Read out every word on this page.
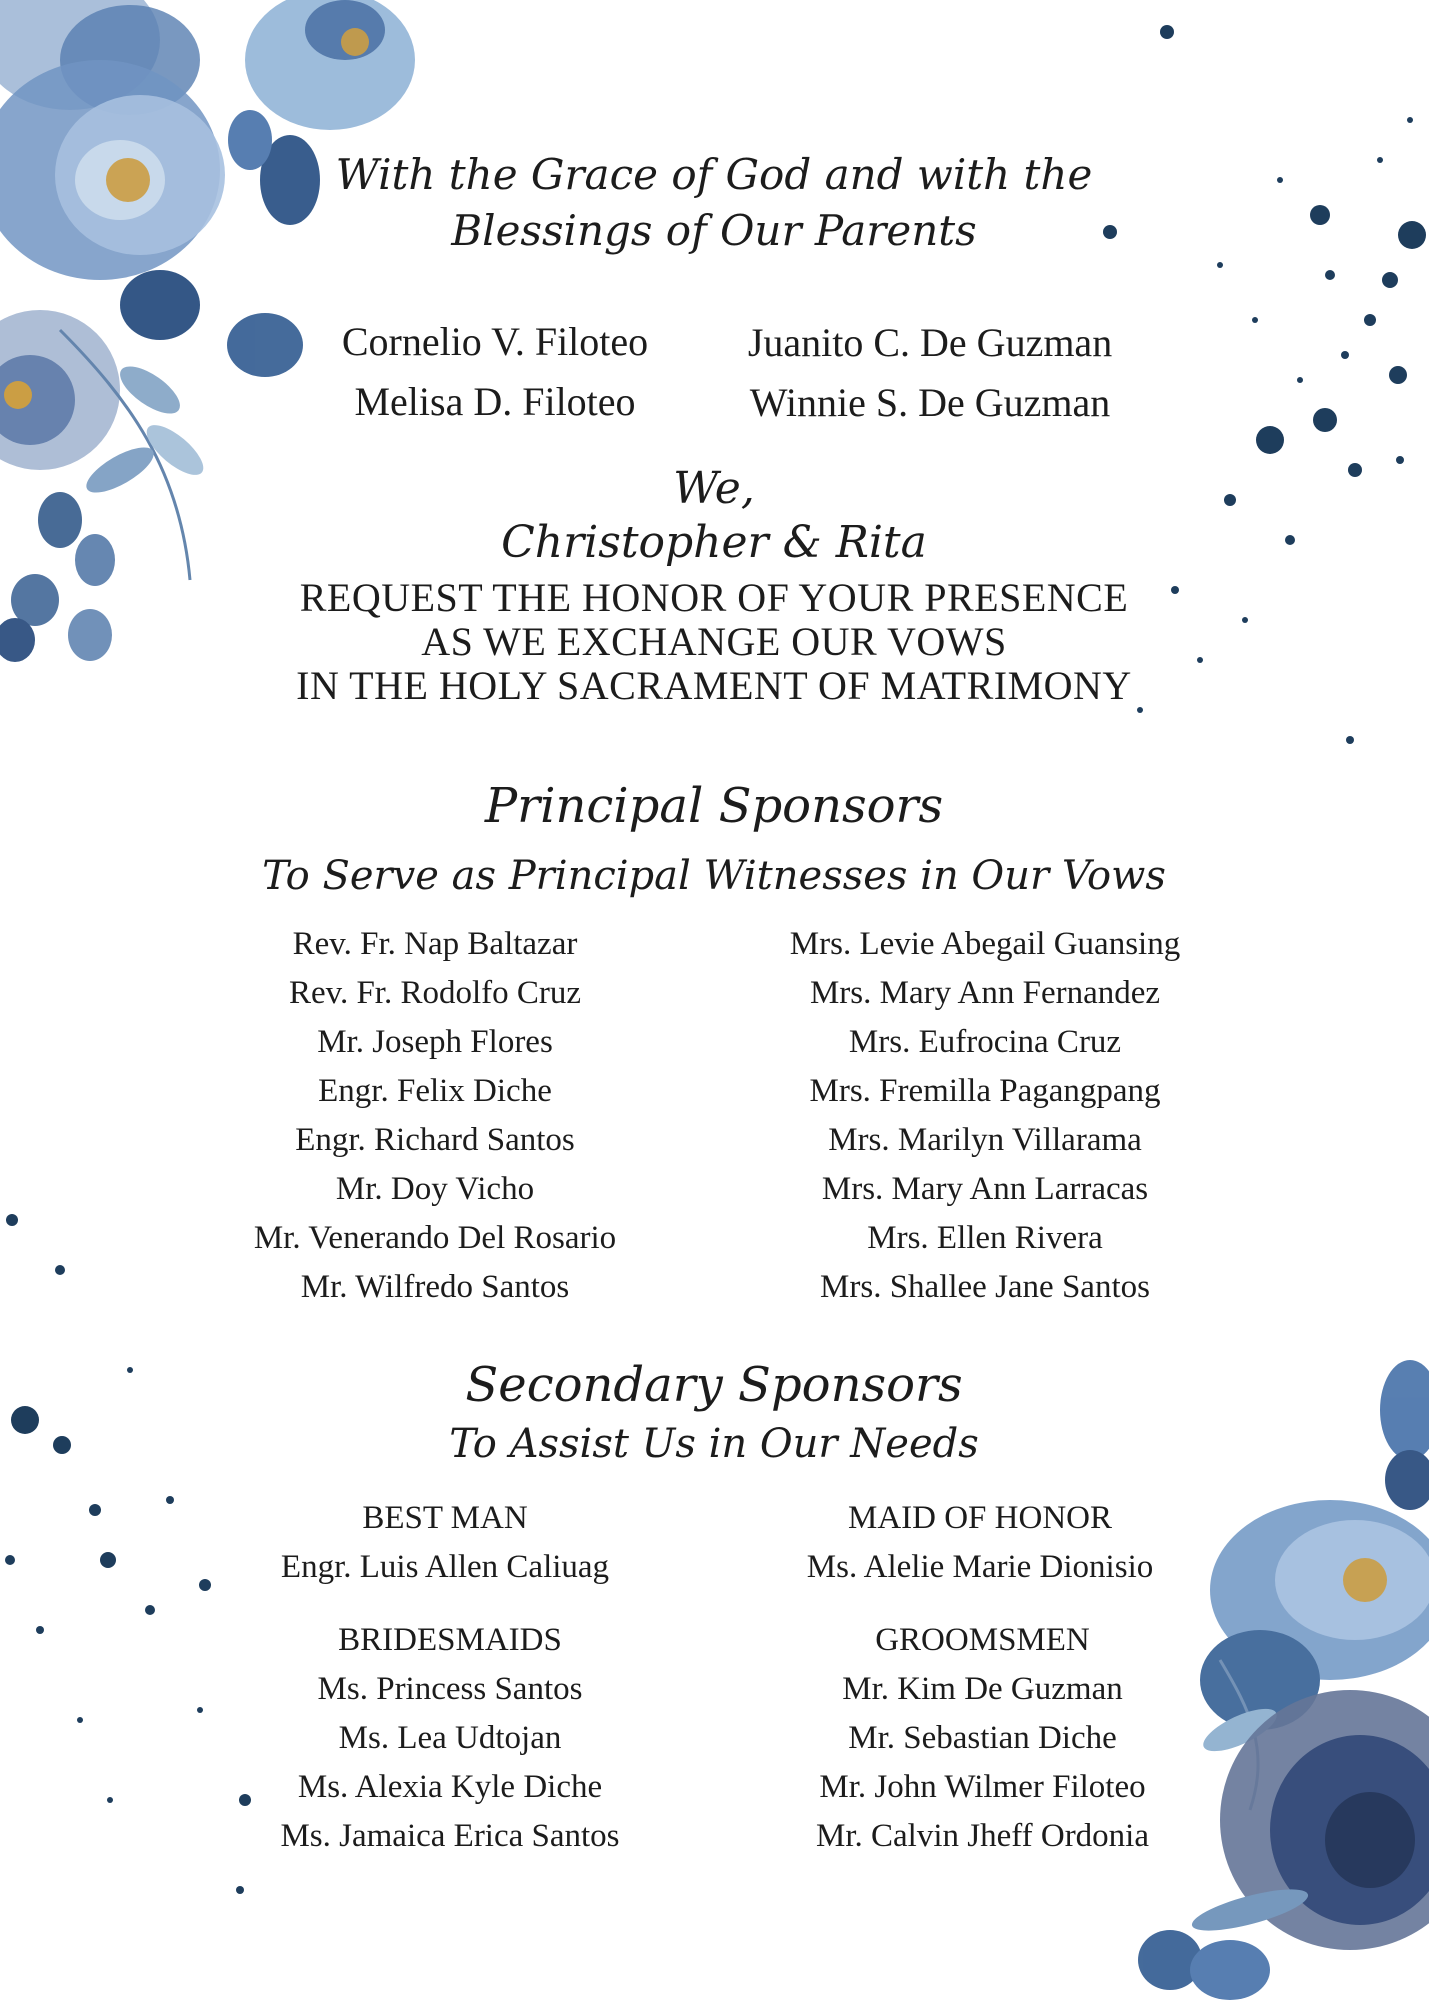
With the Grace of God and with the
Blessings of Our Parents
Cornelio V. Filoteo
Melisa D. Filoteo
Juanito C. De Guzman
Winnie S. De Guzman
We,
Christopher & Rita
REQUEST THE HONOR OF YOUR PRESENCE
AS WE EXCHANGE OUR VOWS
IN THE HOLY SACRAMENT OF MATRIMONY
Principal Sponsors
To Serve as Principal Witnesses in Our Vows
Rev. Fr. Nap Baltazar
Rev. Fr. Rodolfo Cruz
Mr. Joseph Flores
Engr. Felix Diche
Engr. Richard Santos
Mr. Doy Vicho
Mr. Venerando Del Rosario
Mr. Wilfredo Santos
Mrs. Levie Abegail Guansing
Mrs. Mary Ann Fernandez
Mrs. Eufrocina Cruz
Mrs. Fremilla Pagangpang
Mrs. Marilyn Villarama
Mrs. Mary Ann Larracas
Mrs. Ellen Rivera
Mrs. Shallee Jane Santos
Secondary Sponsors
To Assist Us in Our Needs
BEST MAN
Engr. Luis Allen Caliuag
MAID OF HONOR
Ms. Alelie Marie Dionisio
BRIDESMAIDS
Ms. Princess Santos
Ms. Lea Udtojan
Ms. Alexia Kyle Diche
Ms. Jamaica Erica Santos
GROOMSMEN
Mr. Kim De Guzman
Mr. Sebastian Diche
Mr. John Wilmer Filoteo
Mr. Calvin Jheff Ordonia
